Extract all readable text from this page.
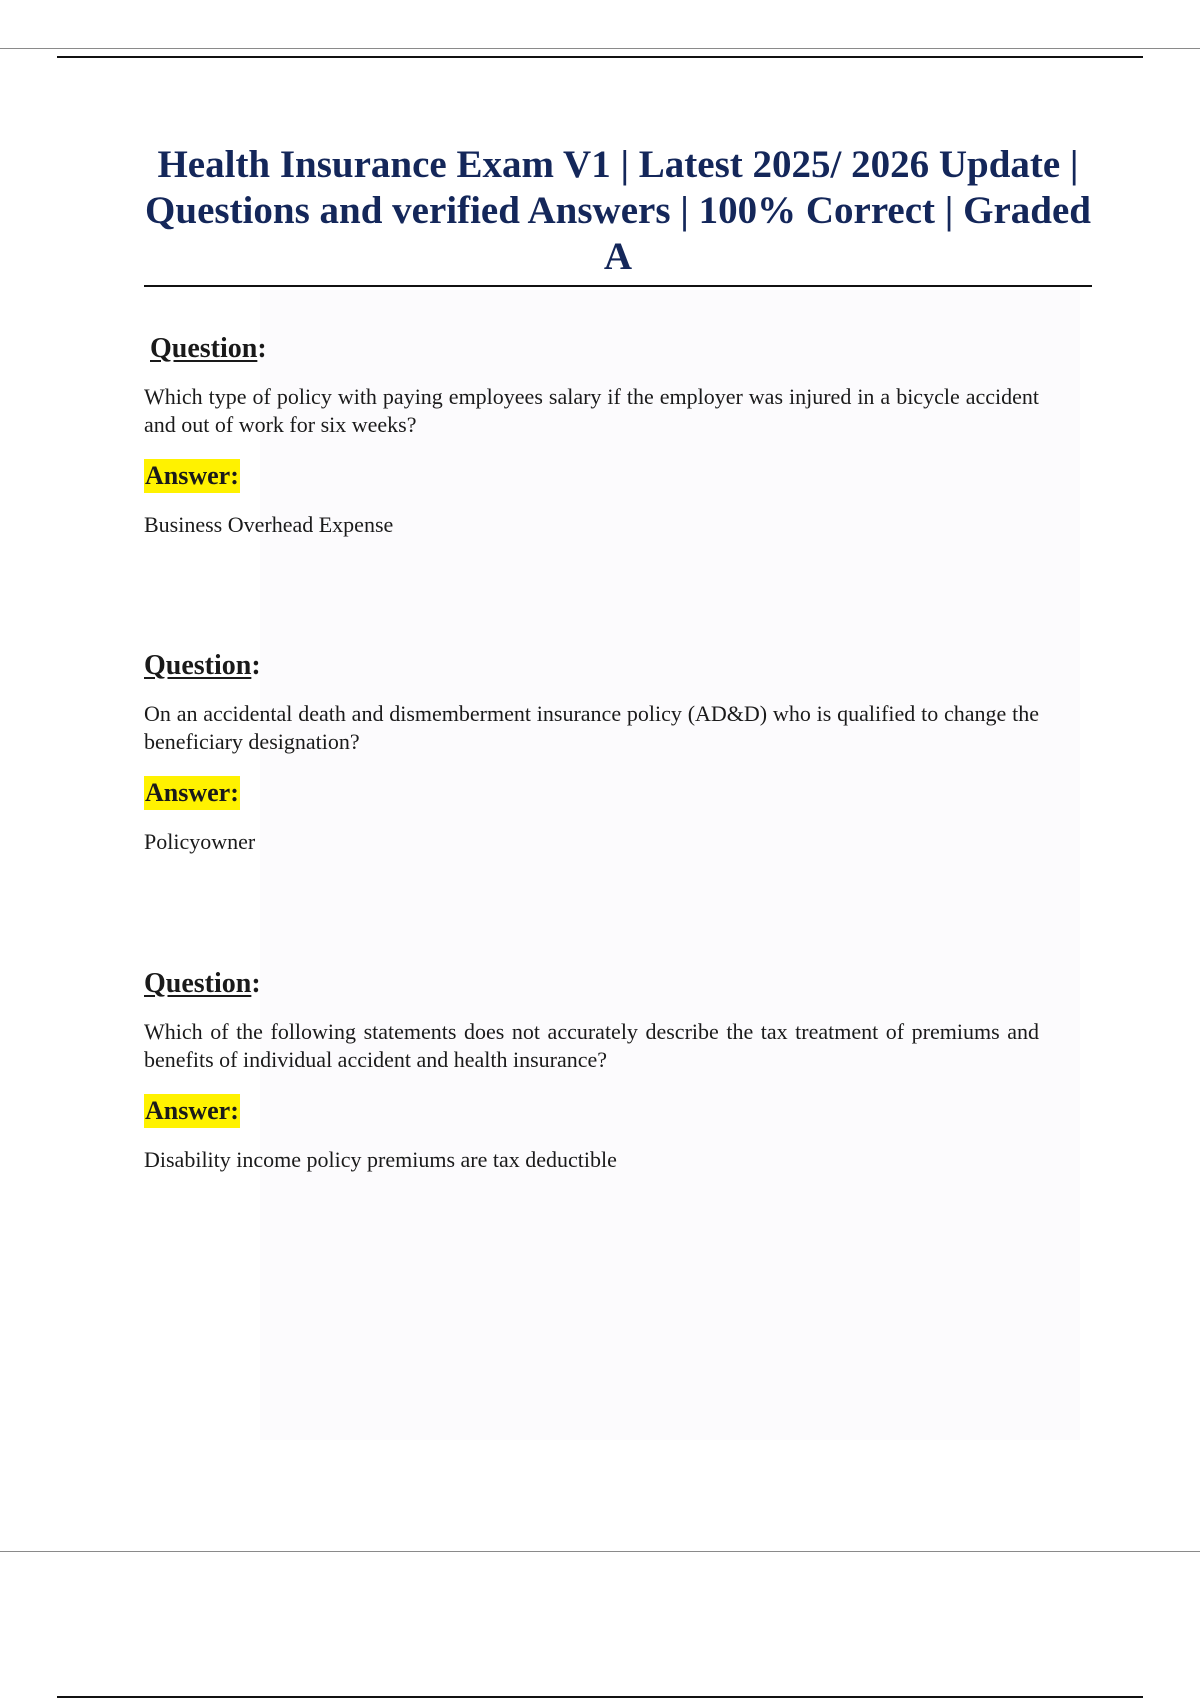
Health Insurance Exam V1 | Latest 2025/ 2026 Update | Questions and verified Answers | 100% Correct | Graded A

Question:

Which type of policy with paying employees salary if the employer was injured in a bicycle accident and out of work for six weeks?

Answer:

Business Overhead Expense

Question:

On an accidental death and dismemberment insurance policy (AD&D) who is qualified to change the beneficiary designation?

Answer:

Policyowner

Question:

Which of the following statements does not accurately describe the tax treatment of premiums and benefits of individual accident and health insurance?

Answer:

Disability income policy premiums are tax deductible
